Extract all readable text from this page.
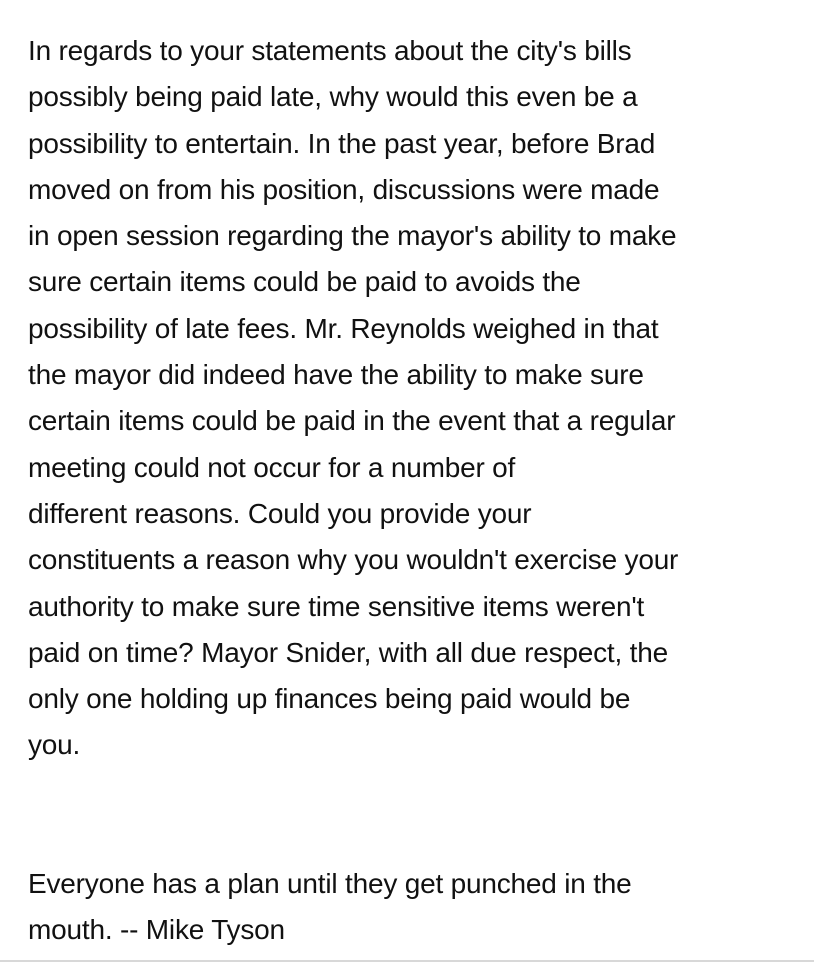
In regards to your statements about the city's bills
possibly being paid late, why would this even be a
possibility to entertain. In the past year, before Brad
moved on from his position, discussions were made
in open session regarding the mayor's ability to make
sure certain items could be paid to avoids the
possibility of late fees. Mr. Reynolds weighed in that
the mayor did indeed have the ability to make sure
certain items could be paid in the event that a regular
meeting could not occur for a number of
different reasons. Could you provide your
constituents a reason why you wouldn't exercise your
authority to make sure time sensitive items weren't
paid on time? Mayor Snider, with all due respect, the
only one holding up finances being paid would be
you.
Everyone has a plan until they get punched in the
mouth. -- Mike Tyson
